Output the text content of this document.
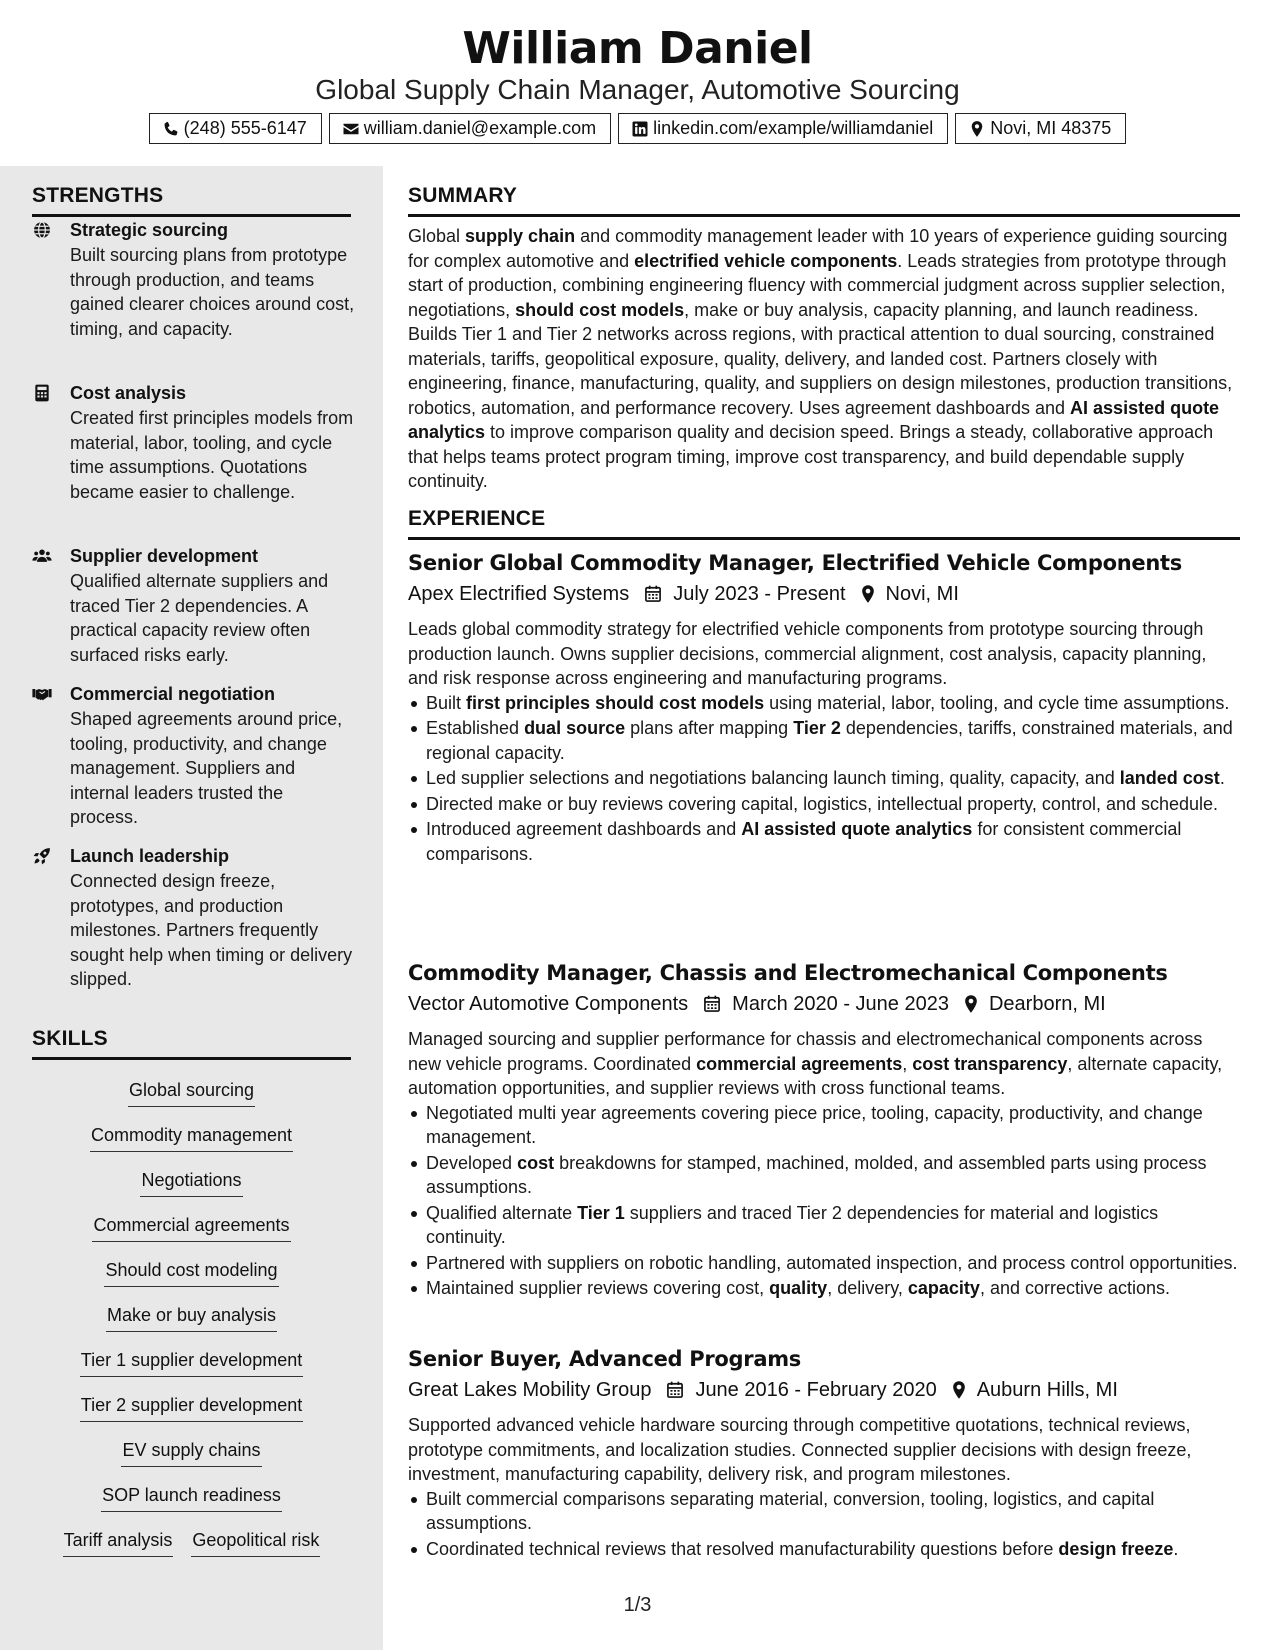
William Daniel
Global Supply Chain Manager, Automotive Sourcing
(248) 555-6147	william.daniel@example.com	linkedin.com/example/williamdaniel	Novi, MI 48375
STRENGTHS
Strategic sourcing
Built sourcing plans from prototype through production, and teams gained clearer choices around cost, timing, and capacity.
Cost analysis
Created first principles models from material, labor, tooling, and cycle time assumptions. Quotations became easier to challenge.
Supplier development
Qualified alternate suppliers and traced Tier 2 dependencies. A practical capacity review often surfaced risks early.
Commercial negotiation
Shaped agreements around price, tooling, productivity, and change management. Suppliers and internal leaders trusted the process.
Launch leadership
Connected design freeze, prototypes, and production milestones. Partners frequently sought help when timing or delivery slipped.
SKILLS
Global sourcing
Commodity management
Negotiations
Commercial agreements
Should cost modeling
Make or buy analysis
Tier 1 supplier development
Tier 2 supplier development
EV supply chains
SOP launch readiness
Tariff analysis Geopolitical risk
SUMMARY
Global supply chain and commodity management leader with 10 years of experience guiding sourcing for complex automotive and electrified vehicle components. Leads strategies from prototype through start of production, combining engineering fluency with commercial judgment across supplier selection, negotiations, should cost models, make or buy analysis, capacity planning, and launch readiness. Builds Tier 1 and Tier 2 networks across regions, with practical attention to dual sourcing, constrained materials, tariffs, geopolitical exposure, quality, delivery, and landed cost. Partners closely with engineering, finance, manufacturing, quality, and suppliers on design milestones, production transitions, robotics, automation, and performance recovery. Uses agreement dashboards and AI assisted quote analytics to improve comparison quality and decision speed. Brings a steady, collaborative approach that helps teams protect program timing, improve cost transparency, and build dependable supply continuity.
EXPERIENCE
Senior Global Commodity Manager, Electrified Vehicle Components
Apex Electrified Systems July 2023 - Present Novi, MI
Leads global commodity strategy for electrified vehicle components from prototype sourcing through production launch. Owns supplier decisions, commercial alignment, cost analysis, capacity planning, and risk response across engineering and manufacturing programs.
Built first principles should cost models using material, labor, tooling, and cycle time assumptions.
Established dual source plans after mapping Tier 2 dependencies, tariffs, constrained materials, and regional capacity.
Led supplier selections and negotiations balancing launch timing, quality, capacity, and landed cost.
Directed make or buy reviews covering capital, logistics, intellectual property, control, and schedule.
Introduced agreement dashboards and AI assisted quote analytics for consistent commercial comparisons.
Commodity Manager, Chassis and Electromechanical Components
Vector Automotive Components March 2020 - June 2023 Dearborn, MI
Managed sourcing and supplier performance for chassis and electromechanical components across new vehicle programs. Coordinated commercial agreements, cost transparency, alternate capacity, automation opportunities, and supplier reviews with cross functional teams.
Negotiated multi year agreements covering piece price, tooling, capacity, productivity, and change management.
Developed cost breakdowns for stamped, machined, molded, and assembled parts using process assumptions.
Qualified alternate Tier 1 suppliers and traced Tier 2 dependencies for material and logistics continuity.
Partnered with suppliers on robotic handling, automated inspection, and process control opportunities.
Maintained supplier reviews covering cost, quality, delivery, capacity, and corrective actions.
Senior Buyer, Advanced Programs
Great Lakes Mobility Group June 2016 - February 2020 Auburn Hills, MI
Supported advanced vehicle hardware sourcing through competitive quotations, technical reviews, prototype commitments, and localization studies. Connected supplier decisions with design freeze, investment, manufacturing capability, delivery risk, and program milestones.
Built commercial comparisons separating material, conversion, tooling, logistics, and capital assumptions.
Coordinated technical reviews that resolved manufacturability questions before design freeze.
1/3
